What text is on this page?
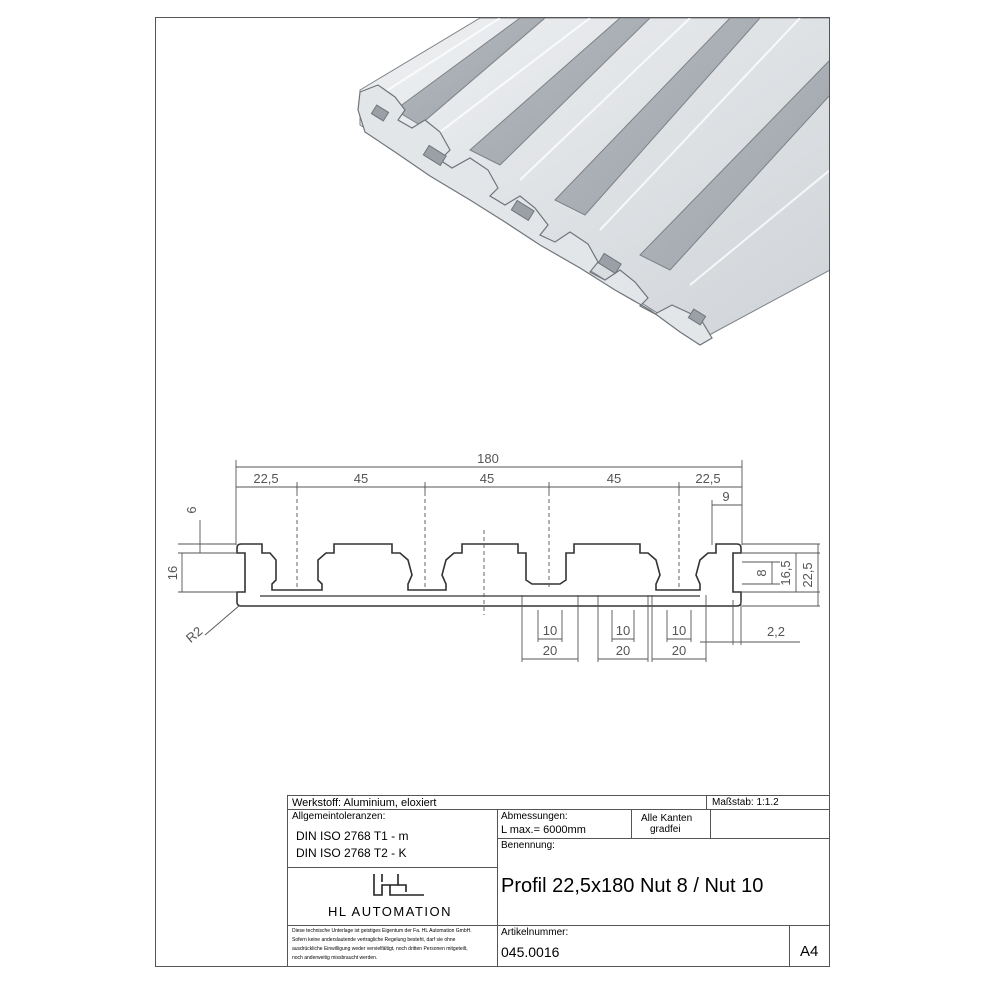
180
22,5	45	45	45	22,5
9
6
16
R2
8 16,5 22,5
10
20
10
20
10
20
2,2
Werkstoff: Aluminium, eloxiert	Maßstab: 1:1.2
Allgemeintoleranzen:
DIN ISO 2768 T1 - m
DIN ISO 2768 T2 - K
Abmessungen:
L max.= 6000mm
Alle Kanten
gradfei
Benennung:
Profil 22,5x180 Nut 8 / Nut 10
HL AUTOMATION
Diese technische Unterlage ist geistiges Eigentum der Fa. HL Automation GmbH.
Sofern keine anderslautende vertragliche Regelung besteht, darf sie ohne
ausdrückliche Einwilligung weder vervielfältigt, noch dritten Personen mitgeteilt,
noch anderweitig missbraucht werden.
Artikelnummer:
045.0016	A4
